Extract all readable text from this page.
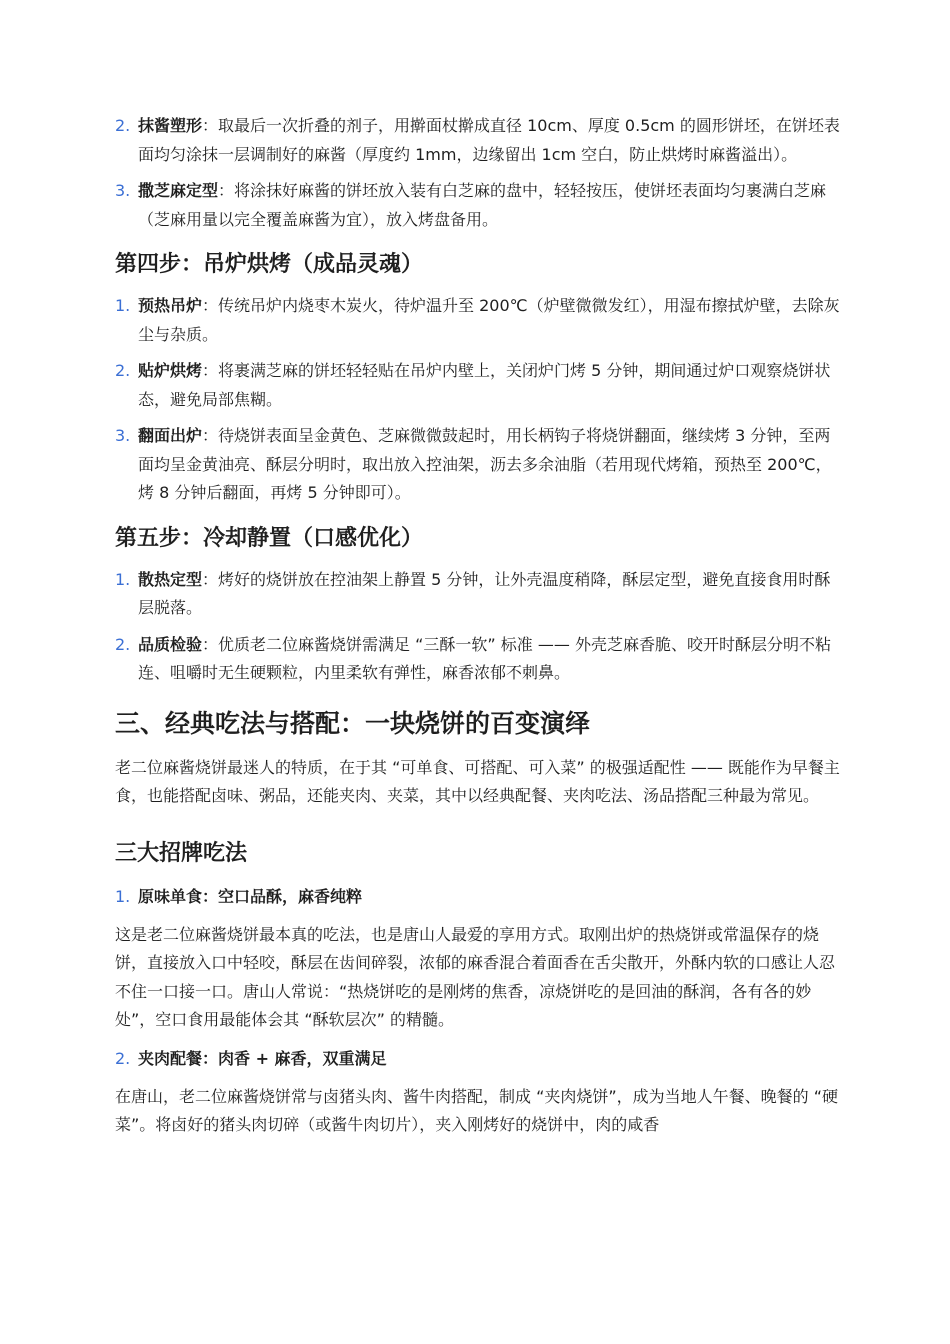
2. 抹酱塑形：取最后一次折叠的剂子，用擀面杖擀成直径 10cm、厚度 0.5cm 的圆形饼坯，在饼坯表面均匀涂抹一层调制好的麻酱（厚度约 1mm，边缘留出 1cm 空白，防止烘烤时麻酱溢出）。
3. 撒芝麻定型：将涂抹好麻酱的饼坯放入装有白芝麻的盘中，轻轻按压，使饼坯表面均匀裹满白芝麻（芝麻用量以完全覆盖麻酱为宜），放入烤盘备用。
第四步：吊炉烘烤（成品灵魂）
1. 预热吊炉：传统吊炉内烧枣木炭火，待炉温升至 200℃（炉壁微微发红），用湿布擦拭炉壁，去除灰尘与杂质。
2. 贴炉烘烤：将裹满芝麻的饼坯轻轻贴在吊炉内壁上，关闭炉门烤 5 分钟，期间通过炉口观察烧饼状态，避免局部焦糊。
3. 翻面出炉：待烧饼表面呈金黄色、芝麻微微鼓起时，用长柄钩子将烧饼翻面，继续烤 3 分钟，至两面均呈金黄油亮、酥层分明时，取出放入控油架，沥去多余油脂（若用现代烤箱，预热至 200℃，烤 8 分钟后翻面，再烤 5 分钟即可）。
第五步：冷却静置（口感优化）
1. 散热定型：烤好的烧饼放在控油架上静置 5 分钟，让外壳温度稍降，酥层定型，避免直接食用时酥层脱落。
2. 品质检验：优质老二位麻酱烧饼需满足 “三酥一软” 标准 —— 外壳芝麻香脆、咬开时酥层分明不粘连、咀嚼时无生硬颗粒，内里柔软有弹性，麻香浓郁不刺鼻。
三、经典吃法与搭配：一块烧饼的百变演绎

老二位麻酱烧饼最迷人的特质，在于其 “可单食、可搭配、可入菜” 的极强适配性 —— 既能作为早餐主食，也能搭配卤味、粥品，还能夹肉、夹菜，其中以经典配餐、夹肉吃法、汤品搭配三种最为常见。

三大招牌吃法
1. 原味单食：空口品酥，麻香纯粹

这是老二位麻酱烧饼最本真的吃法，也是唐山人最爱的享用方式。取刚出炉的热烧饼或常温保存的烧饼，直接放入口中轻咬，酥层在齿间碎裂，浓郁的麻香混合着面香在舌尖散开，外酥内软的口感让人忍不住一口接一口。唐山人常说：“热烧饼吃的是刚烤的焦香，凉烧饼吃的是回油的酥润，各有各的妙处”，空口食用最能体会其 “酥软层次” 的精髓。

2. 夹肉配餐：肉香 + 麻香，双重满足

在唐山，老二位麻酱烧饼常与卤猪头肉、酱牛肉搭配，制成 “夹肉烧饼”，成为当地人午餐、晚餐的 “硬菜”。将卤好的猪头肉切碎（或酱牛肉切片），夹入刚烤好的烧饼中，肉的咸香
